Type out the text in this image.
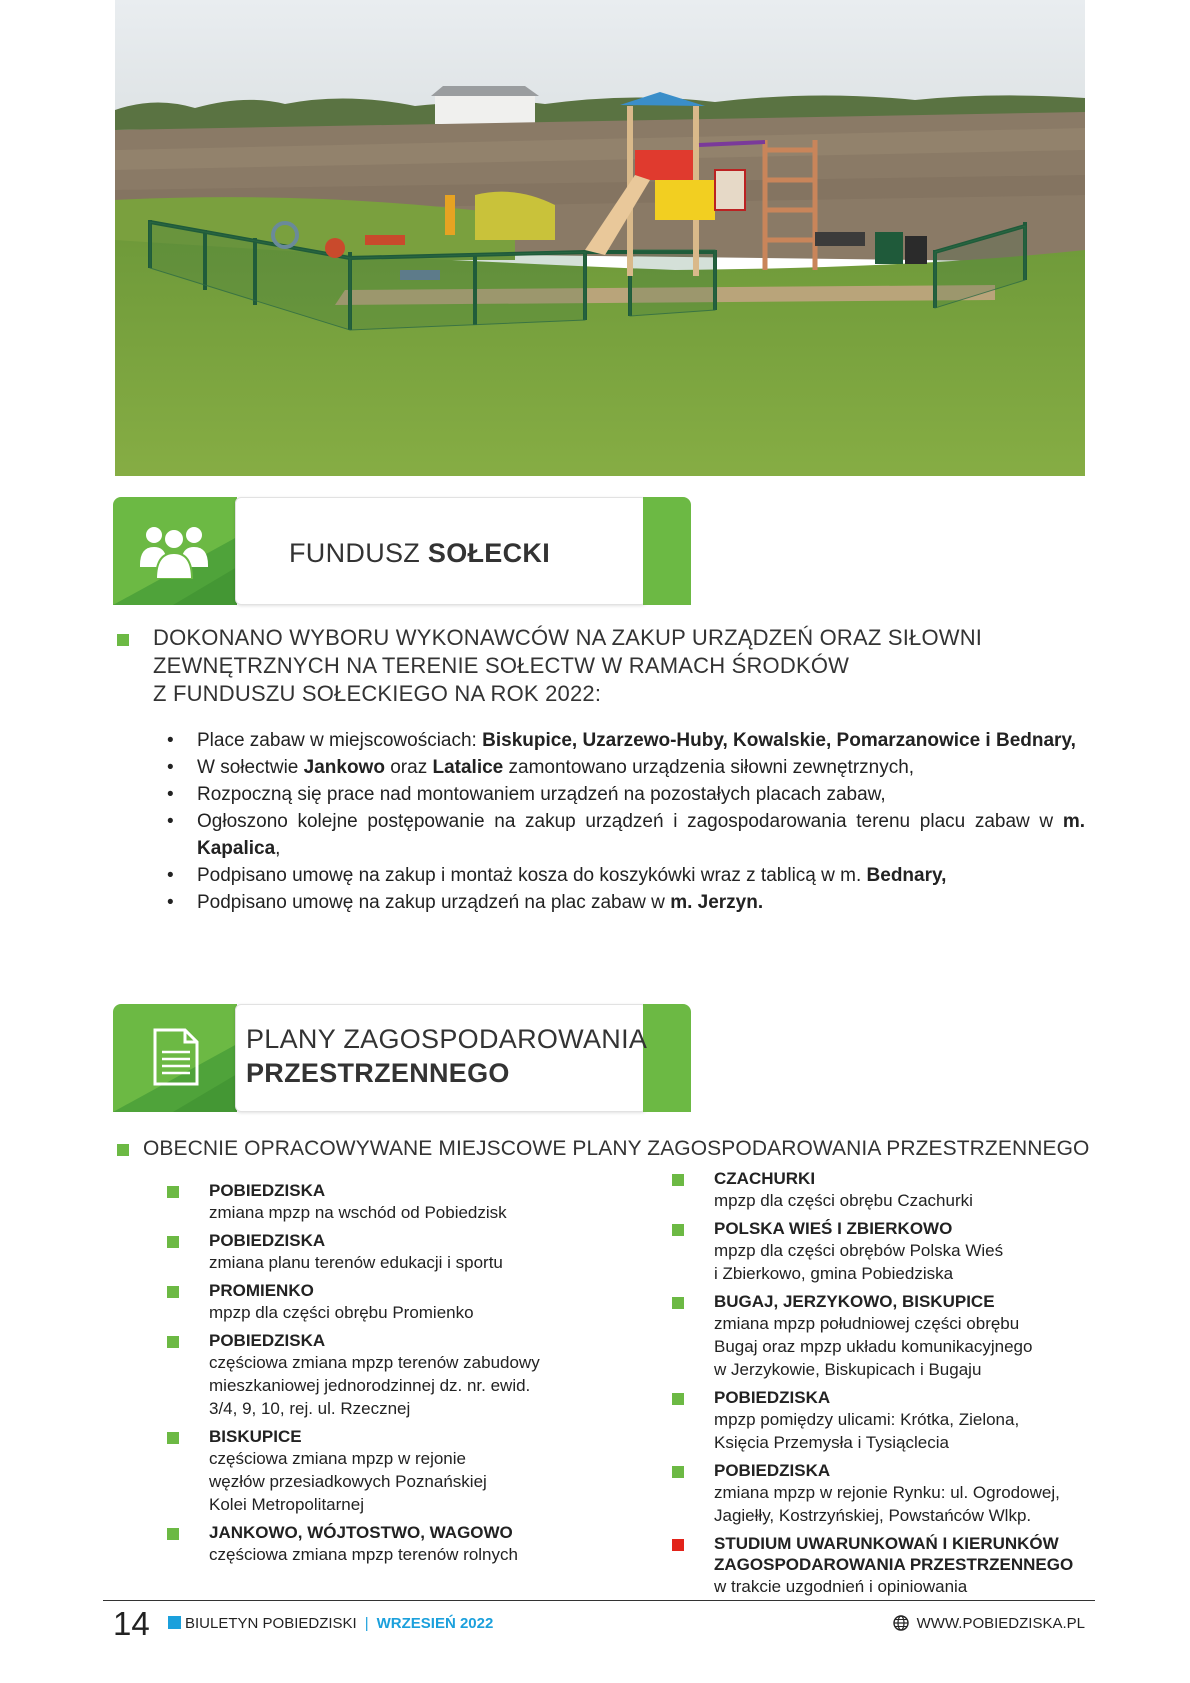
FUNDUSZ SOŁECKI

DOKONANO WYBORU WYKONAWCÓW NA ZAKUP URZĄDZEŃ ORAZ SIŁOWNI

ZEWNĘTRZNYCH NA TERENIE SOŁECTW W RAMACH ŚRODKÓW

Z FUNDUSZU SOŁECKIEGO NA ROK 2022:

• Place zabaw w miejscowościach: Biskupice, Uzarzewo-Huby, Kowalskie, Pomarzanowice i Bednary,
• W sołectwie Jankowo oraz Latalice zamontowano urządzenia siłowni zewnętrznych,
• Rozpoczną się prace nad montowaniem urządzeń na pozostałych placach zabaw,
• Ogłoszono kolejne postępowanie na zakup urządzeń i zagospodarowania terenu placu zabaw w m. Kapalica,
• Podpisano umowę na zakup i montaż kosza do koszykówki wraz z tablicą w m. Bednary,
• Podpisano umowę na zakup urządzeń na plac zabaw w m. Jerzyn.
PLANY ZAGOSPODAROWANIA
PRZESTRZENNEGO

OBECNIE OPRACOWYWANE MIEJSCOWE PLANY ZAGOSPODAROWANIA PRZESTRZENNEGO

POBIEDZISKA
zmiana mpzp na wschód od Pobiedzisk
POBIEDZISKA
zmiana planu terenów edukacji i sportu
PROMIENKO
mpzp dla części obrębu Promienko
POBIEDZISKA
częściowa zmiana mpzp terenów zabudowy
mieszkaniowej jednorodzinnej dz. nr. ewid.
3/4, 9, 10, rej. ul. Rzecznej
BISKUPICE
częściowa zmiana mpzp w rejonie
węzłów przesiadkowych Poznańskiej
Kolei Metropolitarnej
JANKOWO, WÓJTOSTWO, WAGOWO
częściowa zmiana mpzp terenów rolnych
CZACHURKI
mpzp dla części obrębu Czachurki
POLSKA WIEŚ I ZBIERKOWO
mpzp dla części obrębów Polska Wieś
i Zbierkowo, gmina Pobiedziska
BUGAJ, JERZYKOWO, BISKUPICE
zmiana mpzp południowej części obrębu
Bugaj oraz mpzp układu komunikacyjnego
w Jerzykowie, Biskupicach i Bugaju
POBIEDZISKA
mpzp pomiędzy ulicami: Krótka, Zielona,
Księcia Przemysła i Tysiąclecia
POBIEDZISKA
zmiana mpzp w rejonie Rynku: ul. Ogrodowej,
Jagiełły, Kostrzyńskiej, Powstańców Wlkp.
STUDIUM UWARUNKOWAŃ I KIERUNKÓW
ZAGOSPODAROWANIA PRZESTRZENNEGO
w trakcie uzgodnień i opiniowania
14	BIULETYN POBIEDZISKI | WRZESIEŃ 2022	WWW.POBIEDZISKA.PL
